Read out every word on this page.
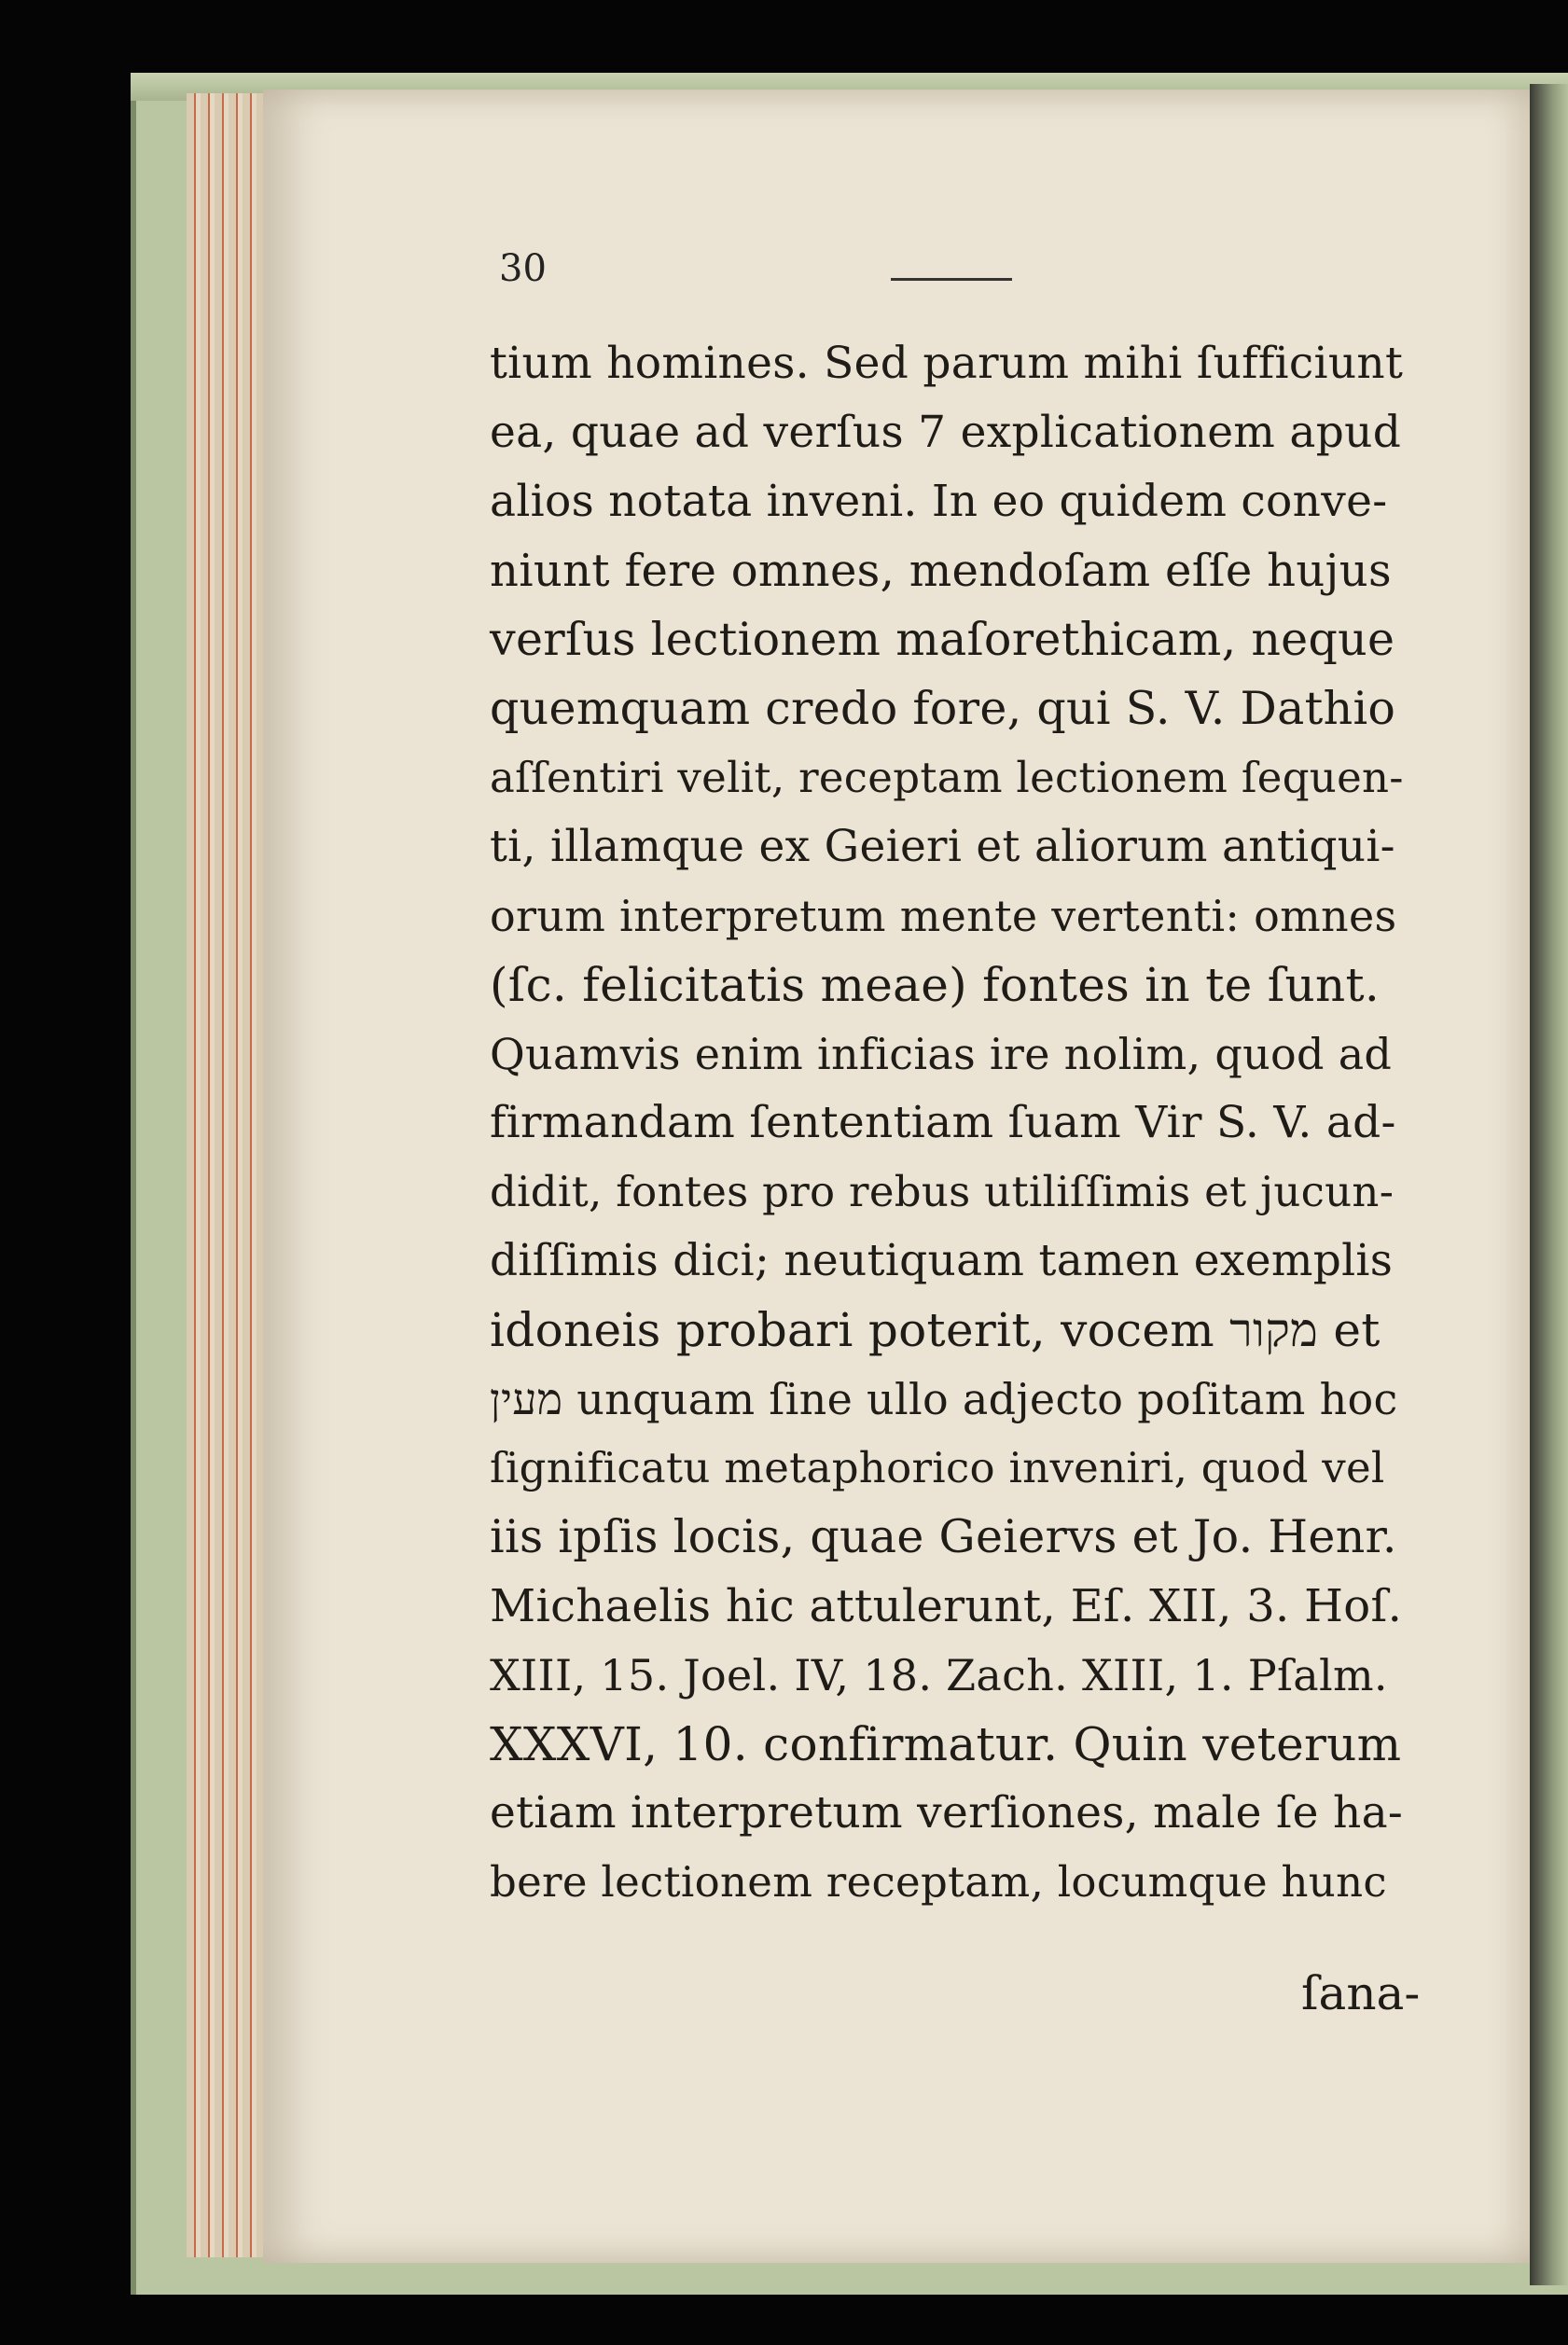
30
tium homines. Sed parum mihi ſufficiunt
ea, quae ad verſus 7 explicationem apud
alios notata inveni. In eo quidem conve-
niunt fere omnes, mendoſam eſſe hujus
verſus lectionem maſorethicam, neque
quemquam credo fore, qui S. V. Dathio
aſſentiri velit, receptam lectionem ſequen-
ti, illamque ex Geieri et aliorum antiqui-
orum interpretum mente vertenti: omnes
(ſc. felicitatis meae) fontes in te ſunt.
Quamvis enim inficias ire nolim, quod ad
firmandam ſententiam ſuam Vir S. V. ad-
didit, fontes pro rebus utiliſſimis et jucun-
diſſimis dici; neutiquam tamen exemplis
idoneis probari poterit, vocem מקור et
מעין unquam ſine ullo adjecto poſitam hoc
ſignificatu metaphorico inveniri, quod vel
iis ipſis locis, quae Geiervs et Jo. Henr.
Michaelis hic attulerunt, Eſ. XII, 3. Hoſ.
XIII, 15. Joel. IV, 18. Zach. XIII, 1. Pſalm.
XXXVI, 10. confirmatur. Quin veterum
etiam interpretum verſiones, male ſe ha-
bere lectionem receptam, locumque hunc
ſana-
